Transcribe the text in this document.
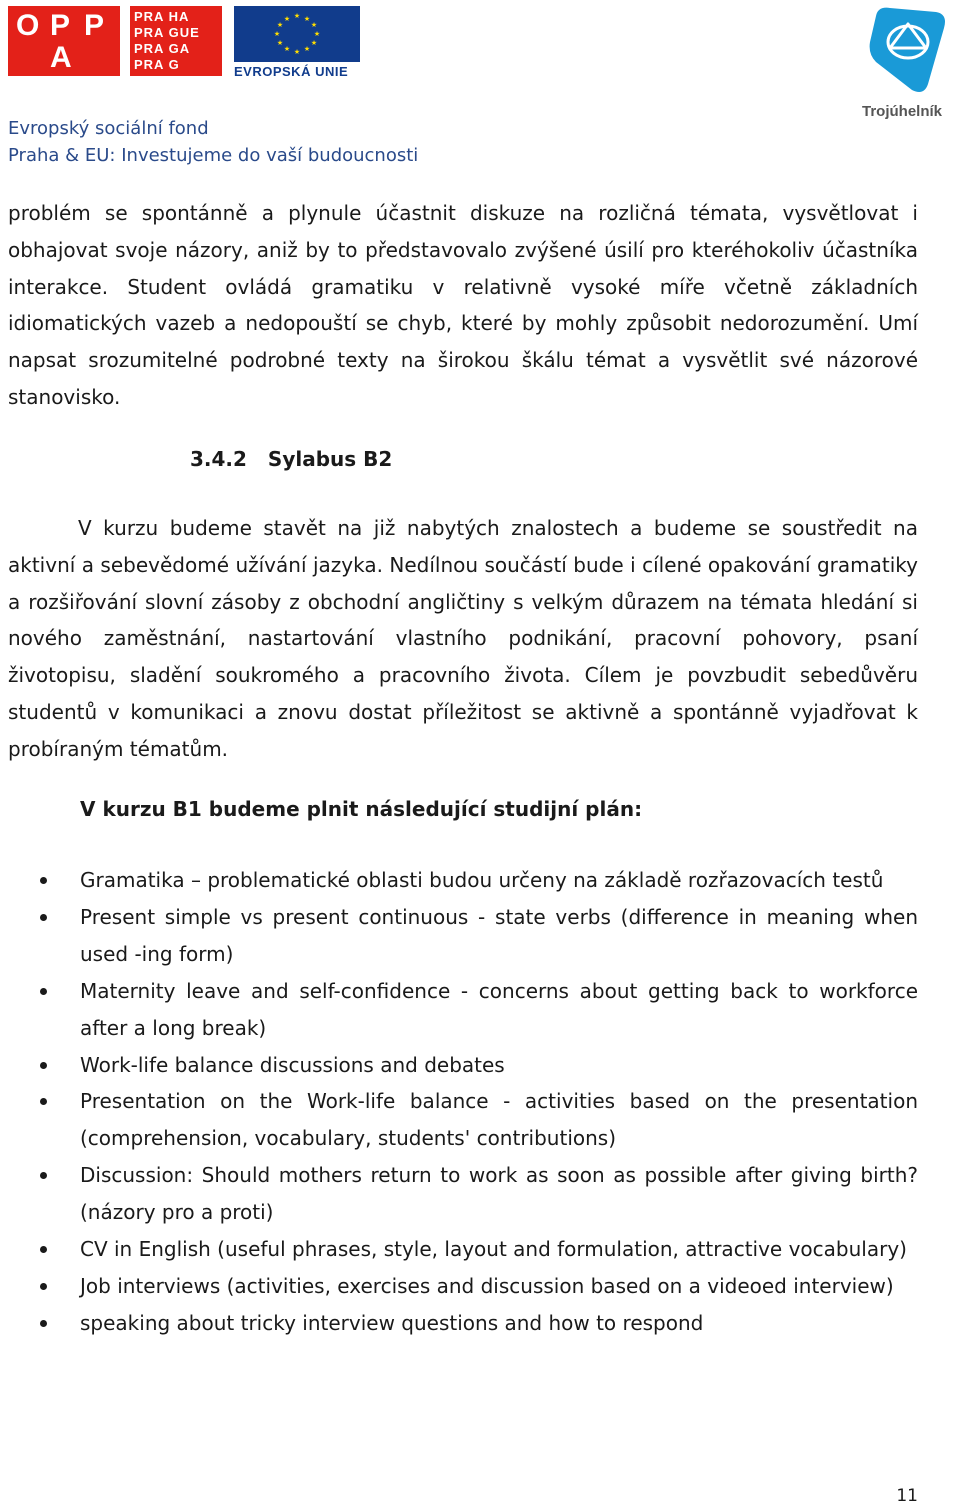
O P P
A
PRA HA
PRA GUE
PRA GA
PRA G
★ ★
★
★
★
★
★
★
★
★
★
★
EVROPSKÁ UNIE
Trojúhelník
Evropský sociální fond
Praha & EU: Investujeme do vaší budoucnosti

problém se spontánně a plynule účastnit diskuze na rozličná témata, vysvětlovat i obhajovat svoje názory, aniž by to představovalo zvýšené úsilí pro kteréhokoliv účastníka interakce. Student ovládá gramatiku v relativně vysoké míře včetně základních idiomatických vazeb a nedopouští se chyb, které by mohly způsobit nedorozumění. Umí napsat srozumitelné podrobné texty na širokou škálu témat a vysvětlit své názorové stanovisko.

3.4.2 Sylabus B2

V kurzu budeme stavět na již nabytých znalostech a budeme se soustředit na aktivní a sebevědomé užívání jazyka. Nedílnou součástí bude i cílené opakování gramatiky a rozšiřování slovní zásoby z obchodní angličtiny s velkým důrazem na témata hledání si nového zaměstnání, nastartování vlastního podnikání, pracovní pohovory, psaní životopisu, sladění soukromého a pracovního života. Cílem je povzbudit sebedůvěru studentů v komunikaci a znovu dostat příležitost se aktivně a spontánně vyjadřovat k probíraným tématům.

V kurzu B1 budeme plnit následující studijní plán:
Gramatika – problematické oblasti budou určeny na základě rozřazovacích testů
Present simple vs present continuous - state verbs (difference in meaning when used -ing form)
Maternity leave and self-confidence - concerns about getting back to workforce after a long break)
Work-life balance discussions and debates
Presentation on the Work-life balance - activities based on the presentation (comprehension, vocabulary, students' contributions)
Discussion: Should mothers return to work as soon as possible after giving birth? (názory pro a proti)
CV in English (useful phrases, style, layout and formulation, attractive vocabulary)
Job interviews (activities, exercises and discussion based on a videoed interview)
speaking about tricky interview questions and how to respond
11
